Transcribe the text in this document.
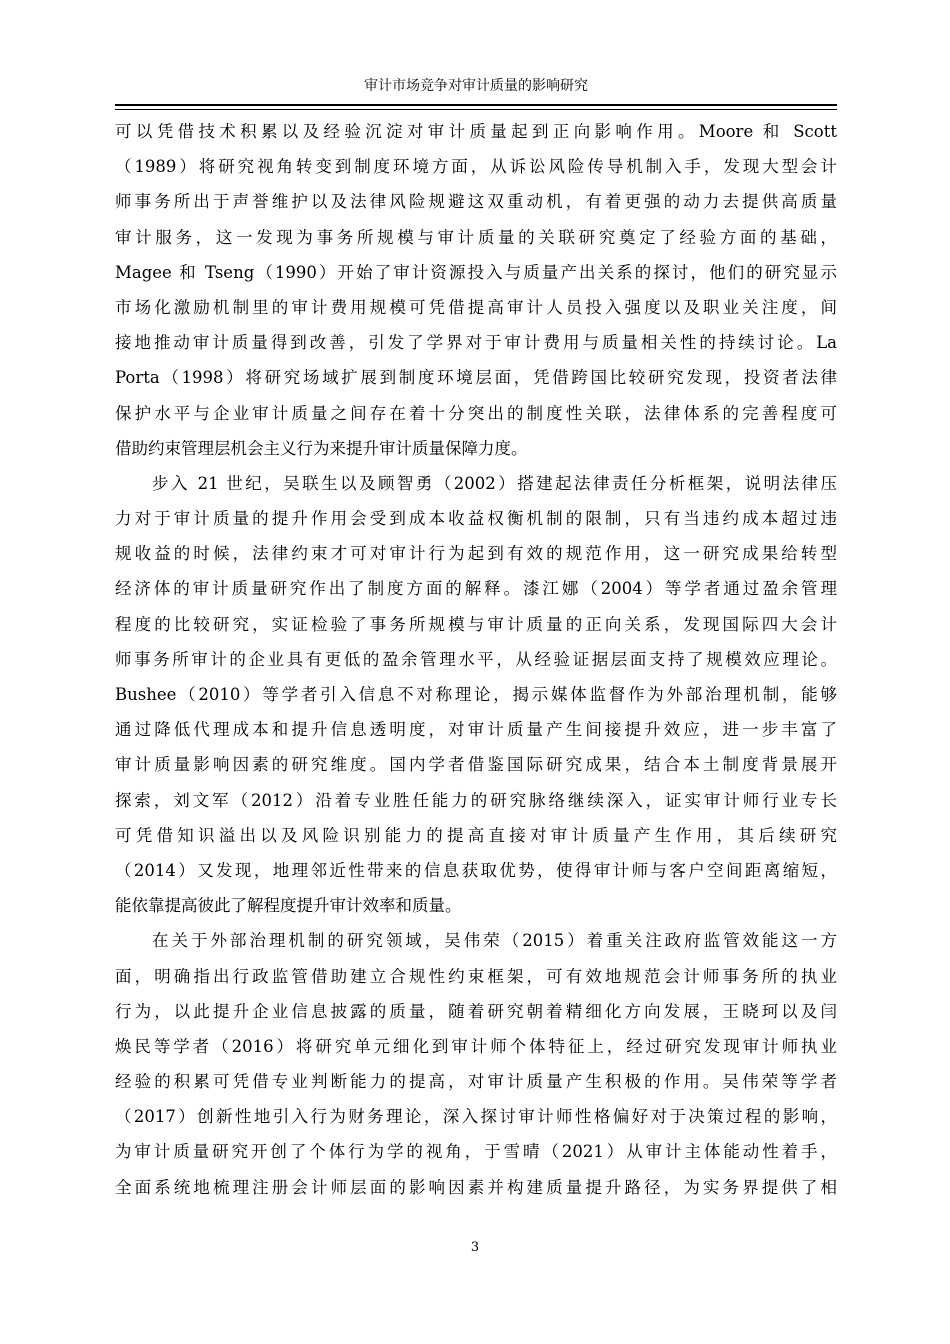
审计市场竞争对审计质量的影响研究
可以凭借技术积累以及经验沉淀对审计质量起到正向影响作用。Moore 和 Scott
（1989）将研究视角转变到制度环境方面，从诉讼风险传导机制入手，发现大型会计
师事务所出于声誉维护以及法律风险规避这双重动机，有着更强的动力去提供高质量
审计服务，这一发现为事务所规模与审计质量的关联研究奠定了经验方面的基础，
Magee 和 Tseng（1990）开始了审计资源投入与质量产出关系的探讨，他们的研究显示
市场化激励机制里的审计费用规模可凭借提高审计人员投入强度以及职业关注度，间
接地推动审计质量得到改善，引发了学界对于审计费用与质量相关性的持续讨论。La
Porta（1998）将研究场域扩展到制度环境层面，凭借跨国比较研究发现，投资者法律
保护水平与企业审计质量之间存在着十分突出的制度性关联，法律体系的完善程度可
借助约束管理层机会主义行为来提升审计质量保障力度。
步入 21 世纪，吴联生以及顾智勇（2002）搭建起法律责任分析框架，说明法律压
力对于审计质量的提升作用会受到成本收益权衡机制的限制，只有当违约成本超过违
规收益的时候，法律约束才可对审计行为起到有效的规范作用，这一研究成果给转型
经济体的审计质量研究作出了制度方面的解释。漆江娜（2004）等学者通过盈余管理
程度的比较研究，实证检验了事务所规模与审计质量的正向关系，发现国际四大会计
师事务所审计的企业具有更低的盈余管理水平，从经验证据层面支持了规模效应理论。
Bushee（2010）等学者引入信息不对称理论，揭示媒体监督作为外部治理机制，能够
通过降低代理成本和提升信息透明度，对审计质量产生间接提升效应，进一步丰富了
审计质量影响因素的研究维度。国内学者借鉴国际研究成果，结合本土制度背景展开
探索，刘文军（2012）沿着专业胜任能力的研究脉络继续深入，证实审计师行业专长
可凭借知识溢出以及风险识别能力的提高直接对审计质量产生作用，其后续研究
（2014）又发现，地理邻近性带来的信息获取优势，使得审计师与客户空间距离缩短，
能依靠提高彼此了解程度提升审计效率和质量。
在关于外部治理机制的研究领域，吴伟荣（2015）着重关注政府监管效能这一方
面，明确指出行政监管借助建立合规性约束框架，可有效地规范会计师事务所的执业
行为，以此提升企业信息披露的质量，随着研究朝着精细化方向发展，王晓珂以及闫
焕民等学者（2016）将研究单元细化到审计师个体特征上，经过研究发现审计师执业
经验的积累可凭借专业判断能力的提高，对审计质量产生积极的作用。吴伟荣等学者
（2017）创新性地引入行为财务理论，深入探讨审计师性格偏好对于决策过程的影响，
为审计质量研究开创了个体行为学的视角，于雪晴（2021）从审计主体能动性着手，
全面系统地梳理注册会计师层面的影响因素并构建质量提升路径，为实务界提供了相
3
